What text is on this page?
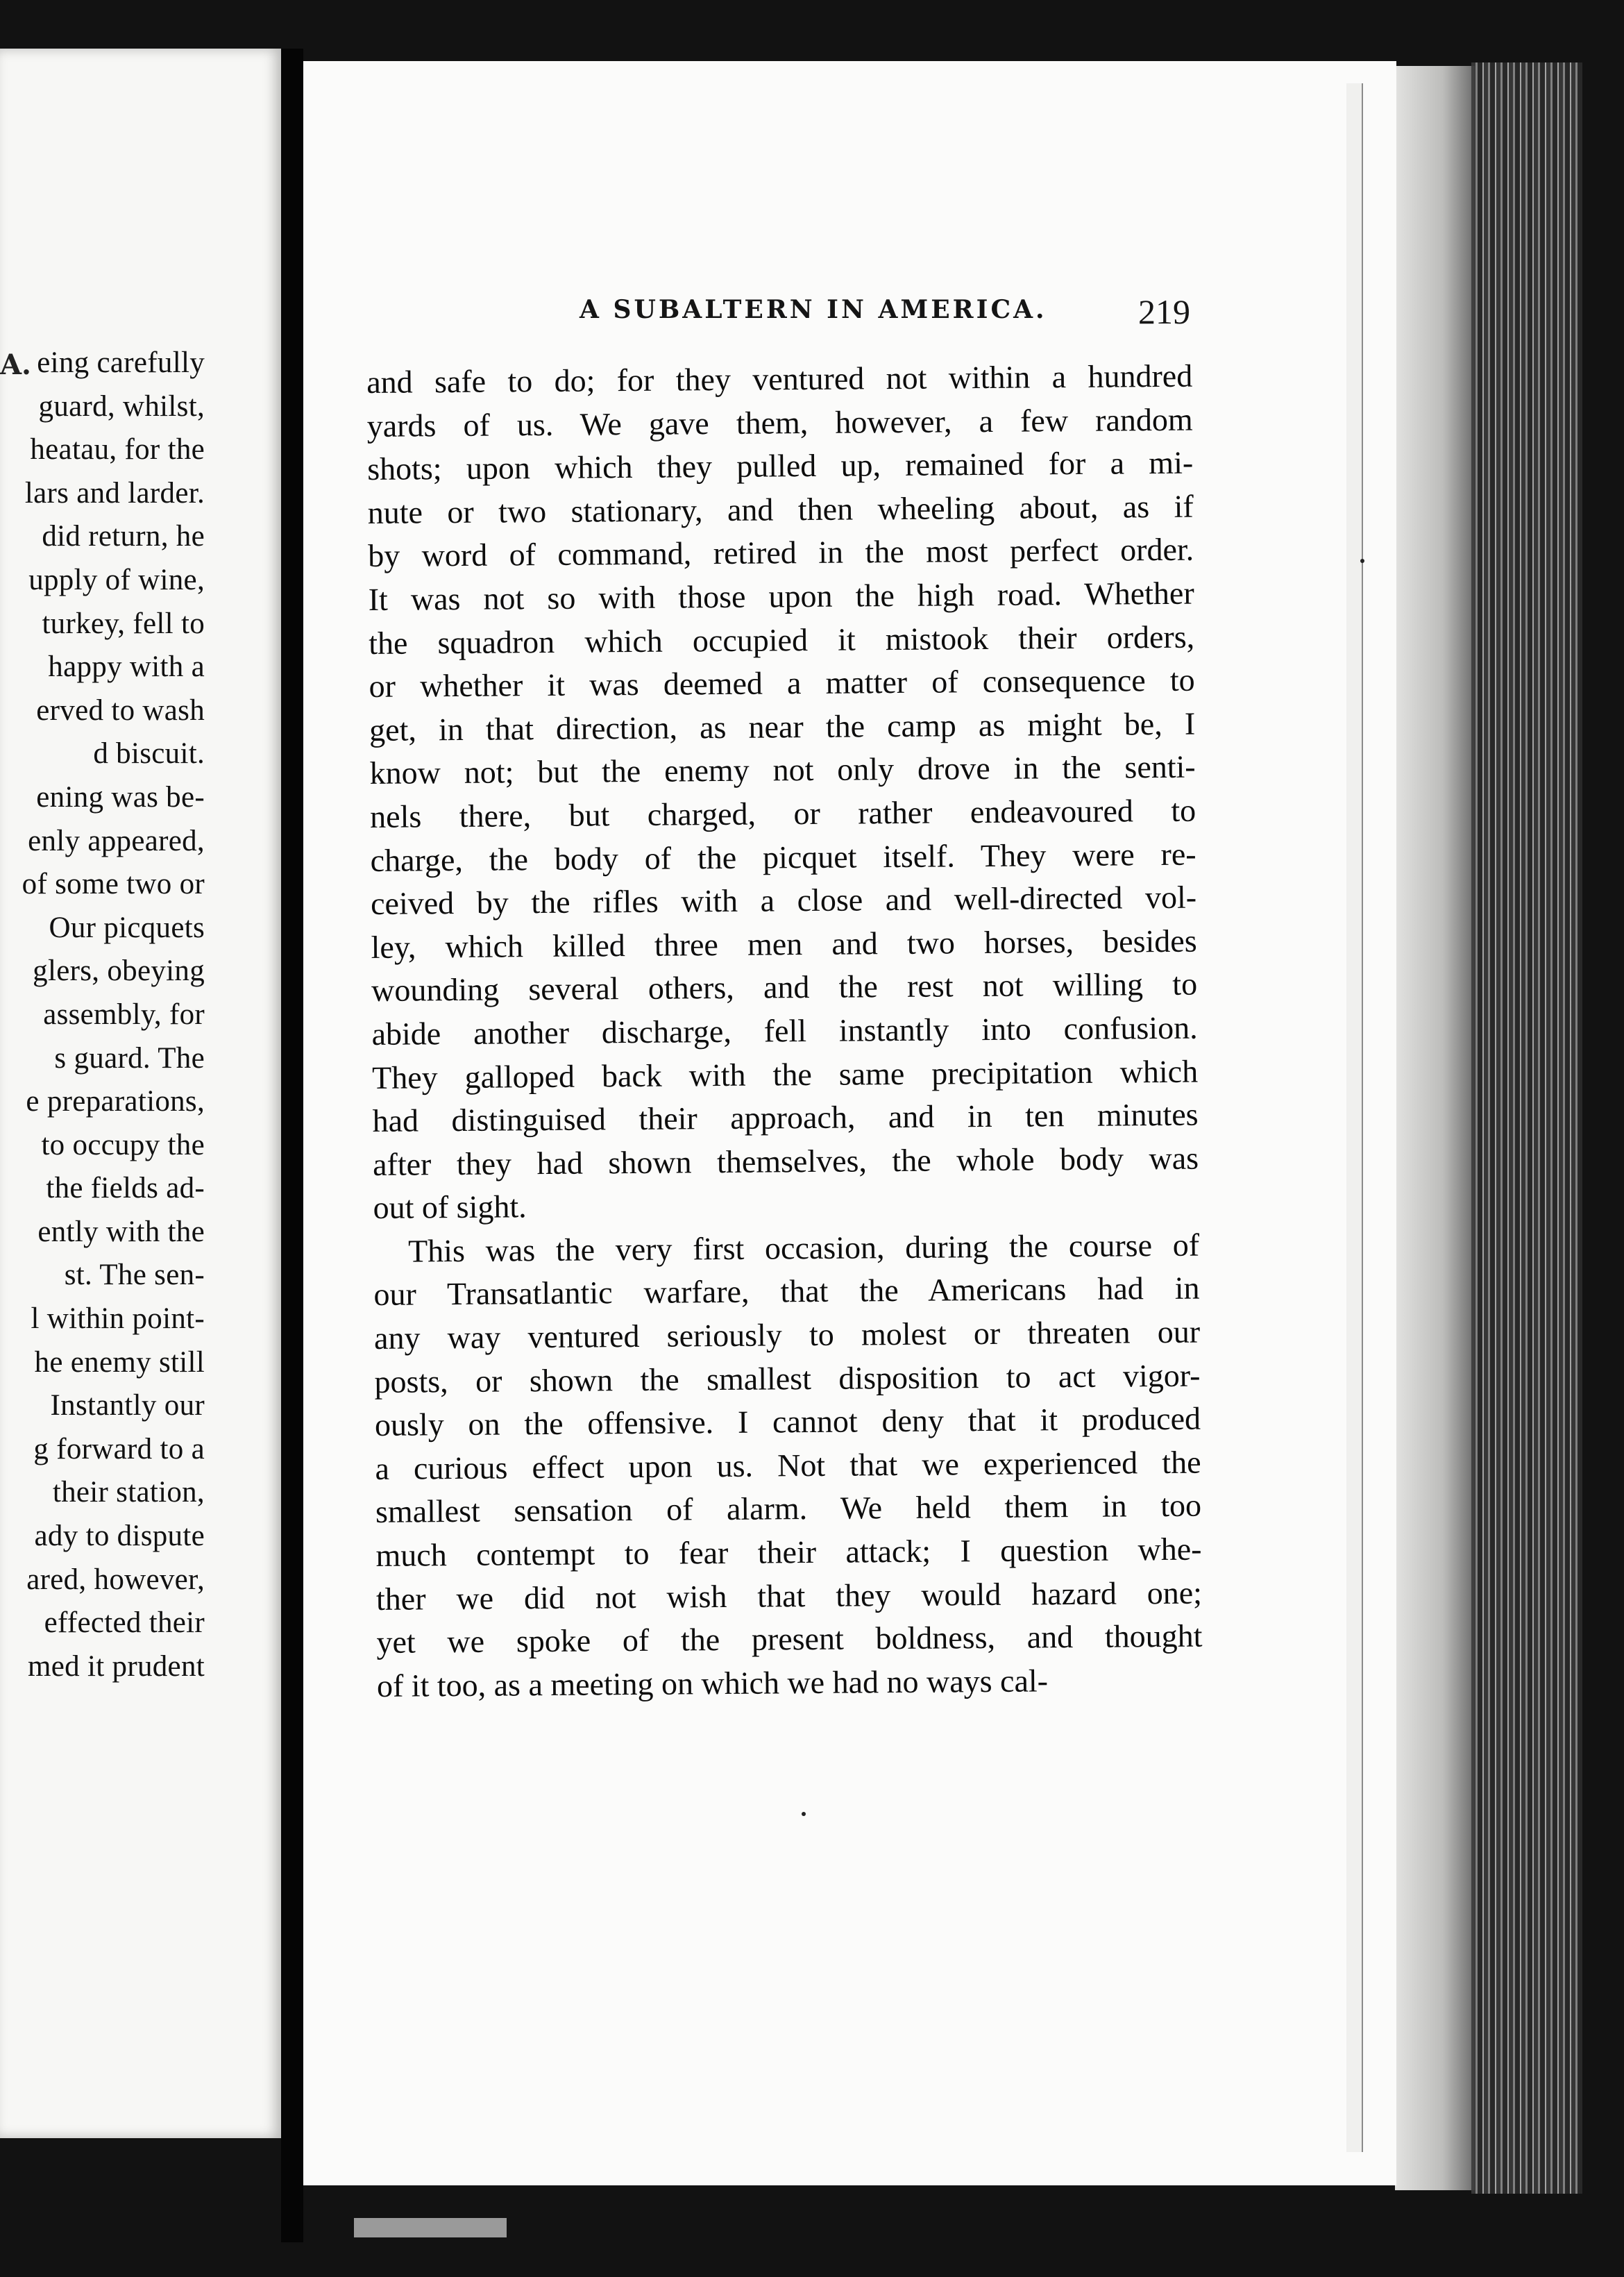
A. eing carefully
guard, whilst,
heatau, for the
lars and larder.
did return, he
upply of wine,
turkey, fell to
happy with a
erved to wash
d biscuit.
ening was be-
enly appeared,
of some two or
Our picquets
glers, obeying
assembly, for
s guard. The
e preparations,
to occupy the
the fields ad-
ently with the
st. The sen-
l within point-
he enemy still
Instantly our
g forward to a
their station,
ady to dispute
ared, however,
effected their
med it prudent
A SUBALTERN IN AMERICA.	219
and safe to do; for they ventured not within a hundred
yards of us. We gave them, however, a few random
shots; upon which they pulled up, remained for a mi-
nute or two stationary, and then wheeling about, as if
by word of command, retired in the most perfect order.
It was not so with those upon the high road. Whether
the squadron which occupied it mistook their orders,
or whether it was deemed a matter of consequence to
get, in that direction, as near the camp as might be, I
know not; but the enemy not only drove in the senti-
nels there, but charged, or rather endeavoured to
charge, the body of the picquet itself. They were re-
ceived by the rifles with a close and well-directed vol-
ley, which killed three men and two horses, besides
wounding several others, and the rest not willing to
abide another discharge, fell instantly into confusion.
They galloped back with the same precipitation which
had distinguised their approach, and in ten minutes
after they had shown themselves, the whole body was
out of sight.
This was the very first occasion, during the course of
our Transatlantic warfare, that the Americans had in
any way ventured seriously to molest or threaten our
posts, or shown the smallest disposition to act vigor-
ously on the offensive. I cannot deny that it produced
a curious effect upon us. Not that we experienced the
smallest sensation of alarm. We held them in too
much contempt to fear their attack; I question whe-
ther we did not wish that they would hazard one;
yet we spoke of the present boldness, and thought
of it too, as a meeting on which we had no ways cal-
